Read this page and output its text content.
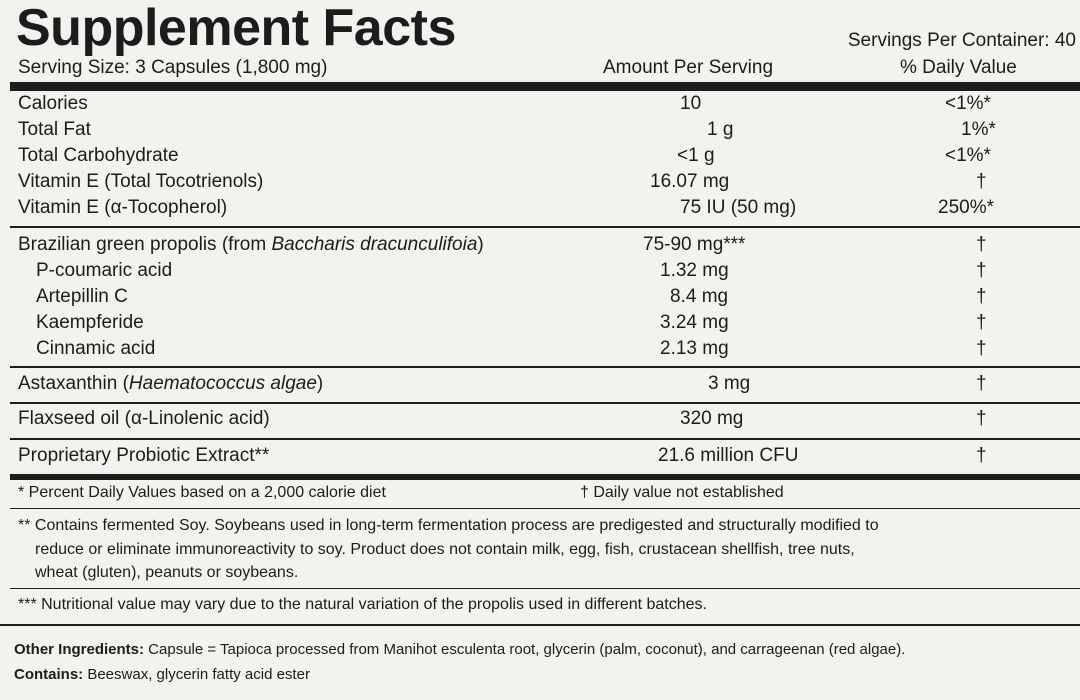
Supplement Facts	Servings Per Container: 40
Serving Size: 3 Capsules (1,800 mg)	Amount Per Serving	% Daily Value
Calories	10	<1%*
Total Fat	1 g	1%*
Total Carbohydrate	<1 g	<1%*
Vitamin E (Total Tocotrienols)	16.07 mg	†
Vitamin E (α-Tocopherol)	75 IU (50 mg)	250%*
Brazilian green propolis (from Baccharis dracunculifoia)	75-90 mg***	†
P-coumaric acid	1.32 mg	†
Artepillin C	8.4 mg	†
Kaempferide	3.24 mg	†
Cinnamic acid	2.13 mg	†
Astaxanthin (Haematococcus algae)	3 mg	†
Flaxseed oil (α-Linolenic acid)	320 mg	†
Proprietary Probiotic Extract**	21.6 million CFU	†
* Percent Daily Values based on a 2,000 calorie diet	† Daily value not established
** Contains fermented Soy. Soybeans used in long-term fermentation process are predigested and structurally modified to
reduce or eliminate immunoreactivity to soy. Product does not contain milk, egg, fish, crustacean shellfish, tree nuts,
wheat (gluten), peanuts or soybeans.
*** Nutritional value may vary due to the natural variation of the propolis used in different batches.
Other Ingredients: Capsule = Tapioca processed from Manihot esculenta root, glycerin (palm, coconut), and carrageenan (red algae).
Contains: Beeswax, glycerin fatty acid ester
